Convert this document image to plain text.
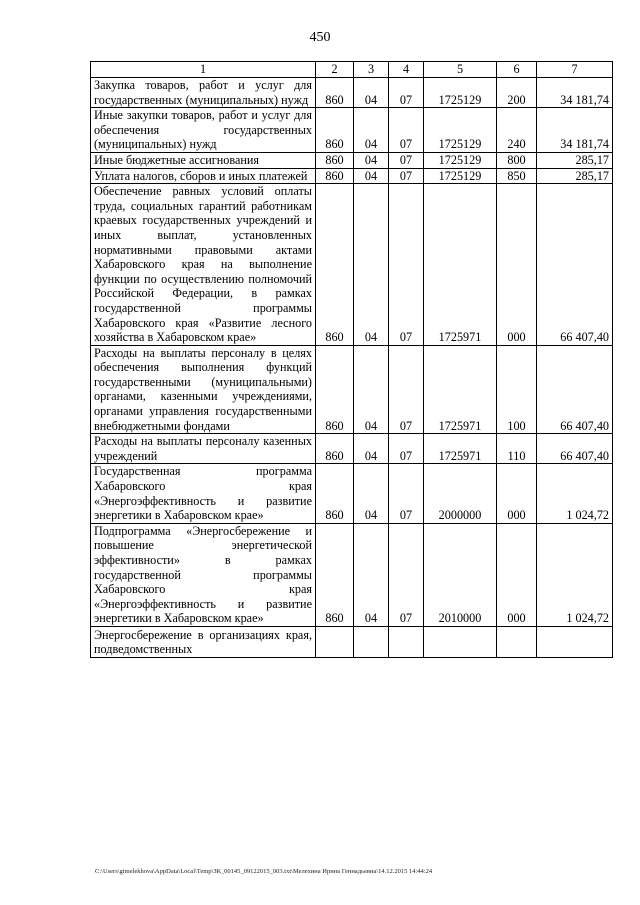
450
1	2	3	4	5	6	7
Закупка товаров, работ и услуг для государственных (муниципальных) нужд	860	04	07	1725129	200	34 181,74
Иные закупки товаров, работ и услуг для обеспечения государственных (муниципальных) нужд	860	04	07	1725129	240	34 181,74
Иные бюджетные ассигнования	860	04	07	1725129	800	285,17
Уплата налогов, сборов и иных платежей	860	04	07	1725129	850	285,17
Обеспечение равных условий оплаты труда, социальных гарантий работникам краевых государственных учреждений и иных выплат, установленных нормативными правовыми актами Хабаровского края на выполнение функции по осуществлению полномочий Российской Федерации, в рамках государственной программы Хабаровского края «Развитие лесного хозяйства в Хабаровском крае»	860	04	07	1725971	000	66 407,40
Расходы на выплаты персоналу в целях обеспечения выполнения функций государственными (муниципальными) органами, казенными учреждениями, органами управления государственными внебюджетными фондами	860	04	07	1725971	100	66 407,40
Расходы на выплаты персоналу казенных учреждений	860	04	07	1725971	110	66 407,40
Государственная программа Хабаровского края «Энергоэффективность и развитие энергетики в Хабаровском крае»	860	04	07	2000000	000	1 024,72
Подпрограмма «Энергосбережение и повышение энергетической эффективности» в рамках государственной программы Хабаровского края «Энергоэффективность и развитие энергетики в Хабаровском крае»	860	04	07	2010000	000	1 024,72
Энергосбережение в организациях края, подведомственных						
C:\Users\gimelekhova\AppData\Local\Temp\ЗК_00145_09122015_003.txt\Мелехина Ирина Геннадьевна\14.12.2015 14:44:24
